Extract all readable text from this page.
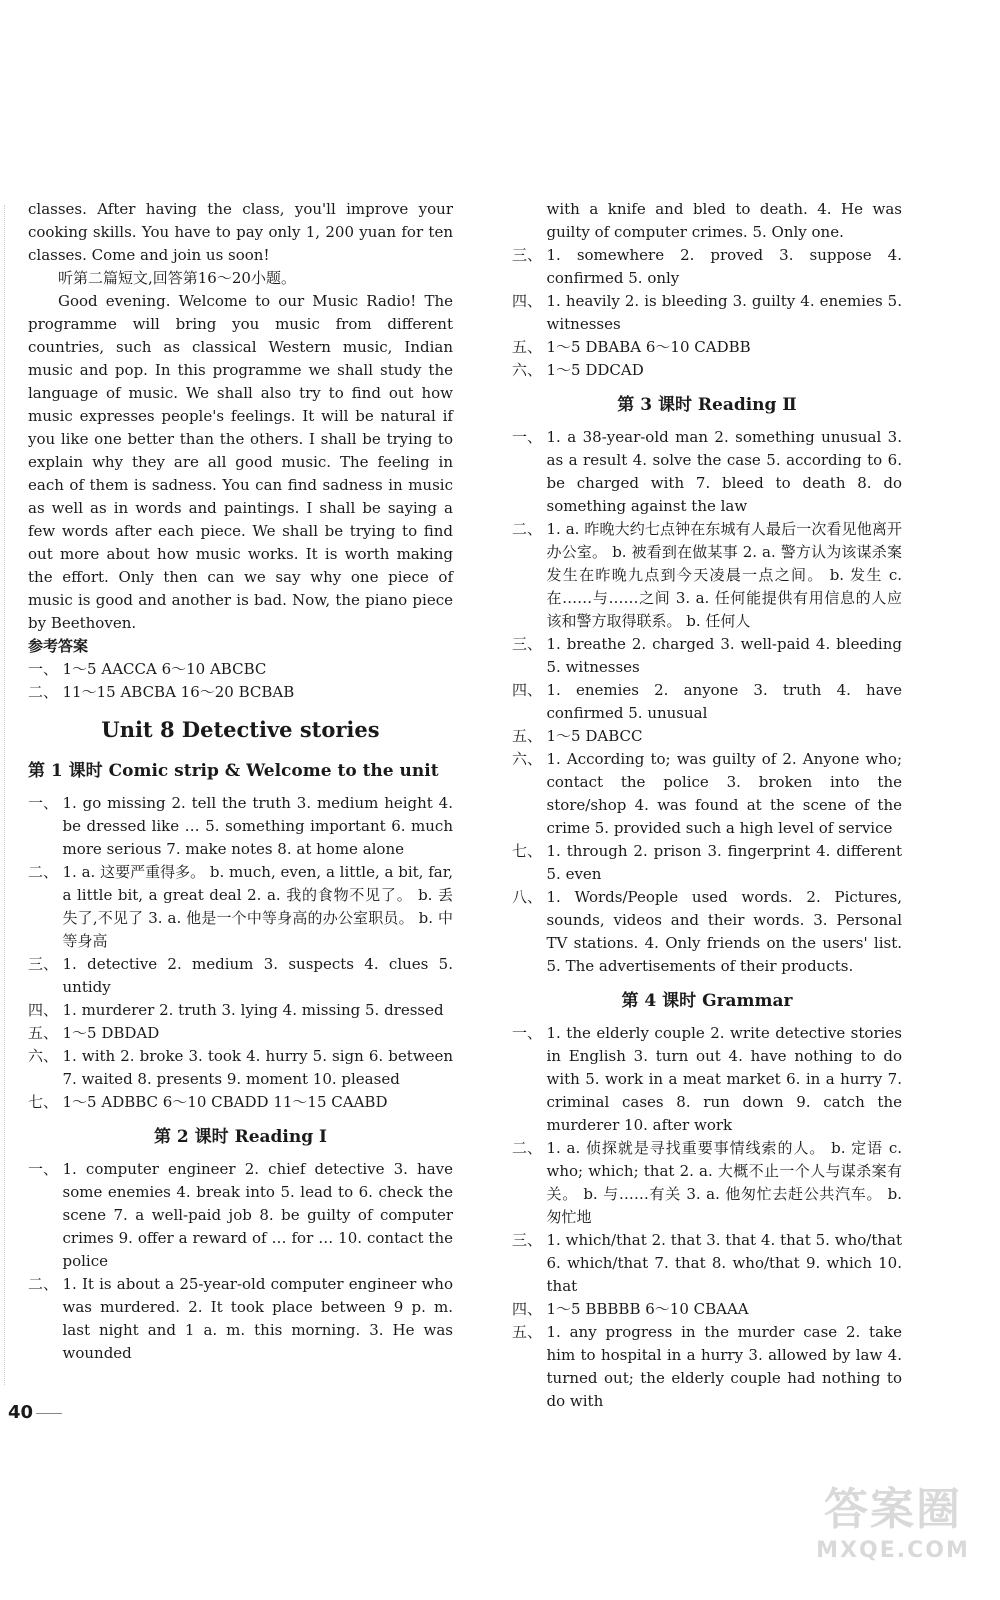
classes. After having the class, you'll improve your cooking skills. You have to pay only 1, 200 yuan for ten classes. Come and join us soon!

听第二篇短文,回答第16～20小题。

Good evening. Welcome to our Music Radio! The programme will bring you music from different countries, such as classical Western music, Indian music and pop. In this programme we shall study the language of music. We shall also try to find out how music expresses people's feelings. It will be natural if you like one better than the others. I shall be trying to explain why they are all good music. The feeling in each of them is sadness. You can find sadness in music as well as in words and paintings. I shall be saying a few words after each piece. We shall be trying to find out more about how music works. It is worth making the effort. Only then can we say why one piece of music is good and another is bad. Now, the piano piece by Beethoven.

参考答案
一、 1～5 AACCA 6～10 ABCBC
二、 11～15 ABCBA 16～20 BCBAB
Unit 8 Detective stories
第 1 课时 Comic strip & Welcome to the unit
一、 1. go missing 2. tell the truth 3. medium height 4. be dressed like … 5. something important 6. much more serious 7. make notes 8. at home alone
二、 1. a. 这要严重得多。 b. much, even, a little, a bit, far, a little bit, a great deal 2. a. 我的食物不见了。 b. 丢失了,不见了 3. a. 他是一个中等身高的办公室职员。 b. 中等身高
三、 1. detective 2. medium 3. suspects 4. clues 5. untidy
四、 1. murderer 2. truth 3. lying 4. missing 5. dressed
五、 1～5 DBDAD
六、 1. with 2. broke 3. took 4. hurry 5. sign 6. between 7. waited 8. presents 9. moment 10. pleased
七、 1～5 ADBBC 6～10 CBADD 11～15 CAABD
第 2 课时 Reading Ⅰ
一、 1. computer engineer 2. chief detective 3. have some enemies 4. break into 5. lead to 6. check the scene 7. a well-paid job 8. be guilty of computer crimes 9. offer a reward of … for … 10. contact the police
二、 1. It is about a 25-year-old computer engineer who was murdered. 2. It took place between 9 p. m. last night and 1 a. m. this morning. 3. He was wounded

with a knife and bled to death. 4. He was guilty of computer crimes. 5. Only one.

三、 1. somewhere 2. proved 3. suppose 4. confirmed 5. only
四、 1. heavily 2. is bleeding 3. guilty 4. enemies 5. witnesses
五、 1～5 DBABA 6～10 CADBB
六、 1～5 DDCAD
第 3 课时 Reading Ⅱ
一、 1. a 38-year-old man 2. something unusual 3. as a result 4. solve the case 5. according to 6. be charged with 7. bleed to death 8. do something against the law
二、 1. a. 昨晚大约七点钟在东城有人最后一次看见他离开办公室。 b. 被看到在做某事 2. a. 警方认为该谋杀案发生在昨晚九点到今天凌晨一点之间。 b. 发生 c. 在……与……之间 3. a. 任何能提供有用信息的人应该和警方取得联系。 b. 任何人
三、 1. breathe 2. charged 3. well-paid 4. bleeding 5. witnesses
四、 1. enemies 2. anyone 3. truth 4. have confirmed 5. unusual
五、 1～5 DABCC
六、 1. According to; was guilty of 2. Anyone who; contact the police 3. broken into the store/shop 4. was found at the scene of the crime 5. provided such a high level of service
七、 1. through 2. prison 3. fingerprint 4. different 5. even
八、 1. Words/People used words. 2. Pictures, sounds, videos and their words. 3. Personal TV stations. 4. Only friends on the users' list. 5. The advertisements of their products.
第 4 课时 Grammar
一、 1. the elderly couple 2. write detective stories in English 3. turn out 4. have nothing to do with 5. work in a meat market 6. in a hurry 7. criminal cases 8. run down 9. catch the murderer 10. after work
二、 1. a. 侦探就是寻找重要事情线索的人。 b. 定语 c. who; which; that 2. a. 大概不止一个人与谋杀案有关。 b. 与……有关 3. a. 他匆忙去赶公共汽车。 b. 匆忙地
三、 1. which/that 2. that 3. that 4. that 5. who/that 6. which/that 7. that 8. who/that 9. which 10. that
四、 1～5 BBBBB 6～10 CBAAA
五、 1. any progress in the murder case 2. take him to hospital in a hurry 3. allowed by law 4. turned out; the elderly couple had nothing to do with
40
答案圈
MXQE.COM
